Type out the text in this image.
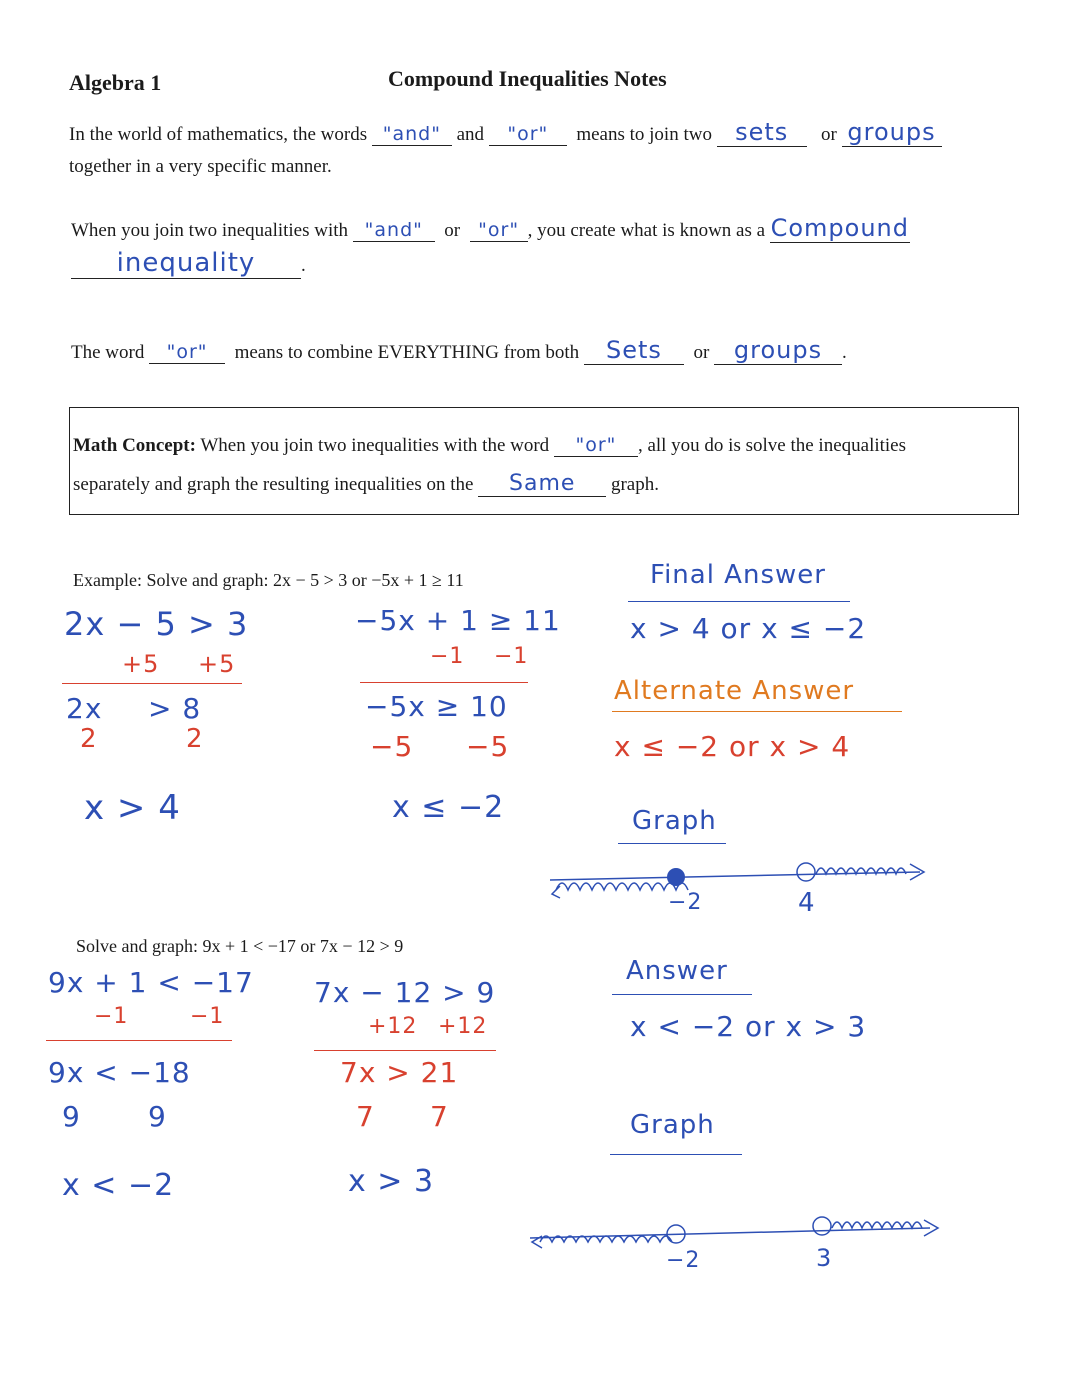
Algebra 1	Compound Inequalities Notes
In the world of mathematics, the words "and" and "or" means to join two sets or groups
together in a very specific manner.
When you join two inequalities with "and" or "or" , you create what is known as a Compound
inequality .
The word "or" means to combine EVERYTHING from both Sets or groups .
Math Concept: When you join two inequalities with the word "or" , all you do is solve the inequalities
separately and graph the resulting inequalities on the Same graph.
Example: Solve and graph: 2x − 5 > 3 or −5x + 1 ≥ 11
2x − 5 > 3
+5 +5
2x > 8
2	2
x > 4
−5x + 1 ≥ 11
−1 −1
−5x ≥ 10
−5 −5
x ≤ −2
Final Answer
x > 4 or x ≤ −2
Alternate Answer
x ≤ −2 or x > 4
Graph
−2	4
Solve and graph: 9x + 1 < −17 or 7x − 12 > 9
9x + 1 < −17
−1	−1
9x < −18
9 9
x < −2
7x − 12 > 9
+12 +12
7x > 21
7 7
x > 3
Answer
x < −2 or x > 3
Graph
−2	3
